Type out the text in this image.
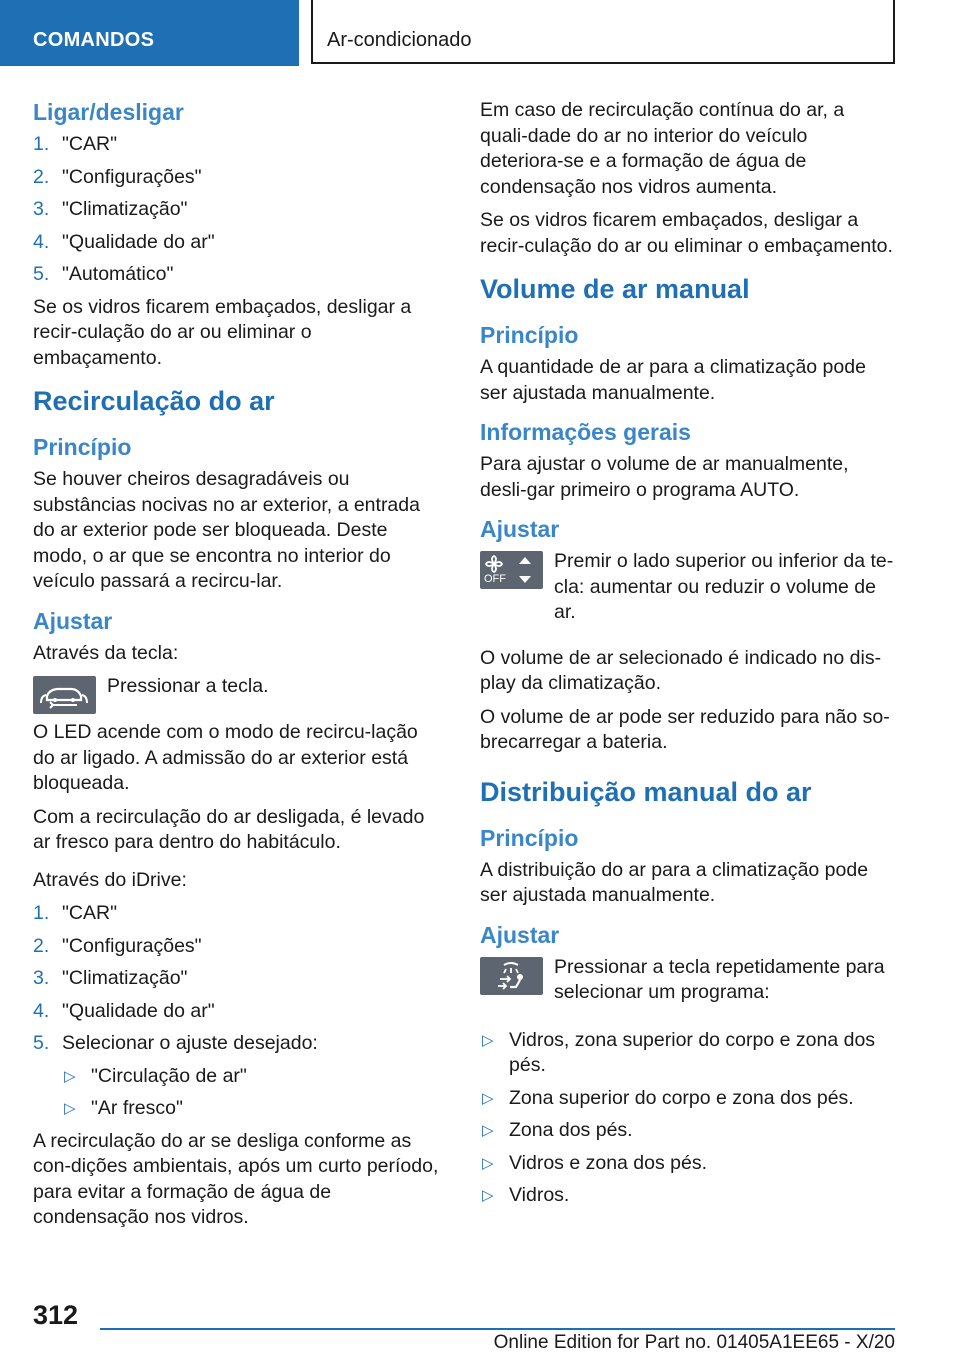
COMANDOS	Ar-condicionado
Ligar/desligar
1. "CAR"
2. "Configurações"
3. "Climatização"
4. "Qualidade do ar"
5. "Automático"

Se os vidros ficarem embaçados, desligar a recir-culação do ar ou eliminar o embaçamento.

Recirculação do ar
Princípio

Se houver cheiros desagradáveis ou substâncias nocivas no ar exterior, a entrada do ar exterior pode ser bloqueada. Deste modo, o ar que se encontra no interior do veículo passará a recircu-lar.

Ajustar

Através da tecla:

Pressionar a tecla.

O LED acende com o modo de recircu-lação do ar ligado. A admissão do ar exterior está bloqueada.

Com a recirculação do ar desligada, é levado ar fresco para dentro do habitáculo.

Através do iDrive:

1. "CAR"
2. "Configurações"
3. "Climatização"
4. "Qualidade do ar"
5. Selecionar o ajuste desejado:
▷ "Circulação de ar"
▷ "Ar fresco"

A recirculação do ar se desliga conforme as con-dições ambientais, após um curto período, para evitar a formação de água de condensação nos vidros.

Em caso de recirculação contínua do ar, a quali-dade do ar no interior do veículo deteriora-se e a formação de água de condensação nos vidros aumenta.

Se os vidros ficarem embaçados, desligar a recir-culação do ar ou eliminar o embaçamento.

Volume de ar manual
Princípio

A quantidade de ar para a climatização pode ser ajustada manualmente.

Informações gerais

Para ajustar o volume de ar manualmente, desli-gar primeiro o programa AUTO.

Ajustar
OFF

Premir o lado superior ou inferior da te-cla: aumentar ou reduzir o volume de ar.

O volume de ar selecionado é indicado no dis-play da climatização.

O volume de ar pode ser reduzido para não so-brecarregar a bateria.

Distribuição manual do ar
Princípio

A distribuição do ar para a climatização pode ser ajustada manualmente.

Ajustar

Pressionar a tecla repetidamente para selecionar um programa:

▷ Vidros, zona superior do corpo e zona dos pés.
▷ Zona superior do corpo e zona dos pés.
▷ Zona dos pés.
▷ Vidros e zona dos pés.
▷ Vidros.
312
Online Edition for Part no. 01405A1EE65 - X/20
